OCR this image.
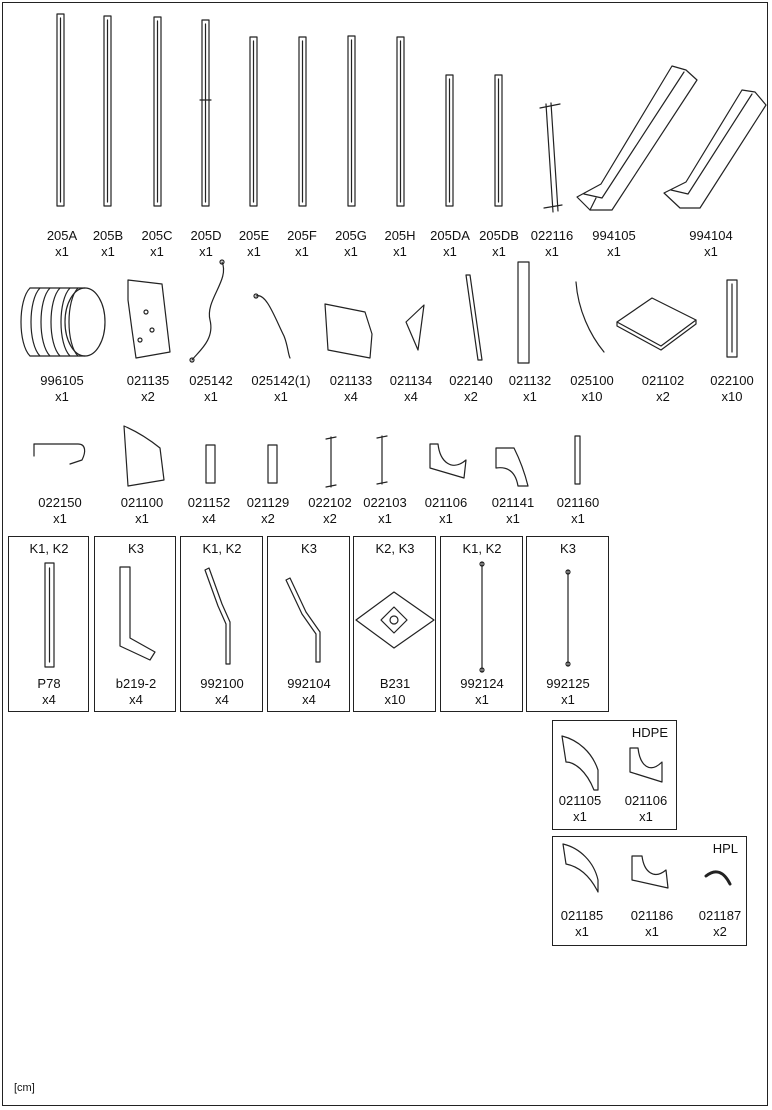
205A
x1
205B
x1
205C
x1
205D
x1
205E
x1
205F
x1
205G
x1
205H
x1
205DA
x1
205DB
x1
022116
x1
994105
x1
994104
x1
996105
x1
021135
x2
025142
x1
025142(1)
x1
021133
x4
021134
x4
022140
x2
021132
x1
025100
x10
021102
x2
022100
x10
022150
x1
021100
x1
021152
x4
021129
x2
022102
x2
022103
x1
021106
x1
021141
x1
021160
x1
K1, K2
P78
x4
K3
b219-2
x4
K1, K2
992100
x4
K3
992104
x4
K2, K3
B231
x10
K1, K2
992124
x1
K3
992125
x1
HDPE
021105
x1
021106
x1
HPL
021185
x1
021186
x1
021187
x2
[cm]
